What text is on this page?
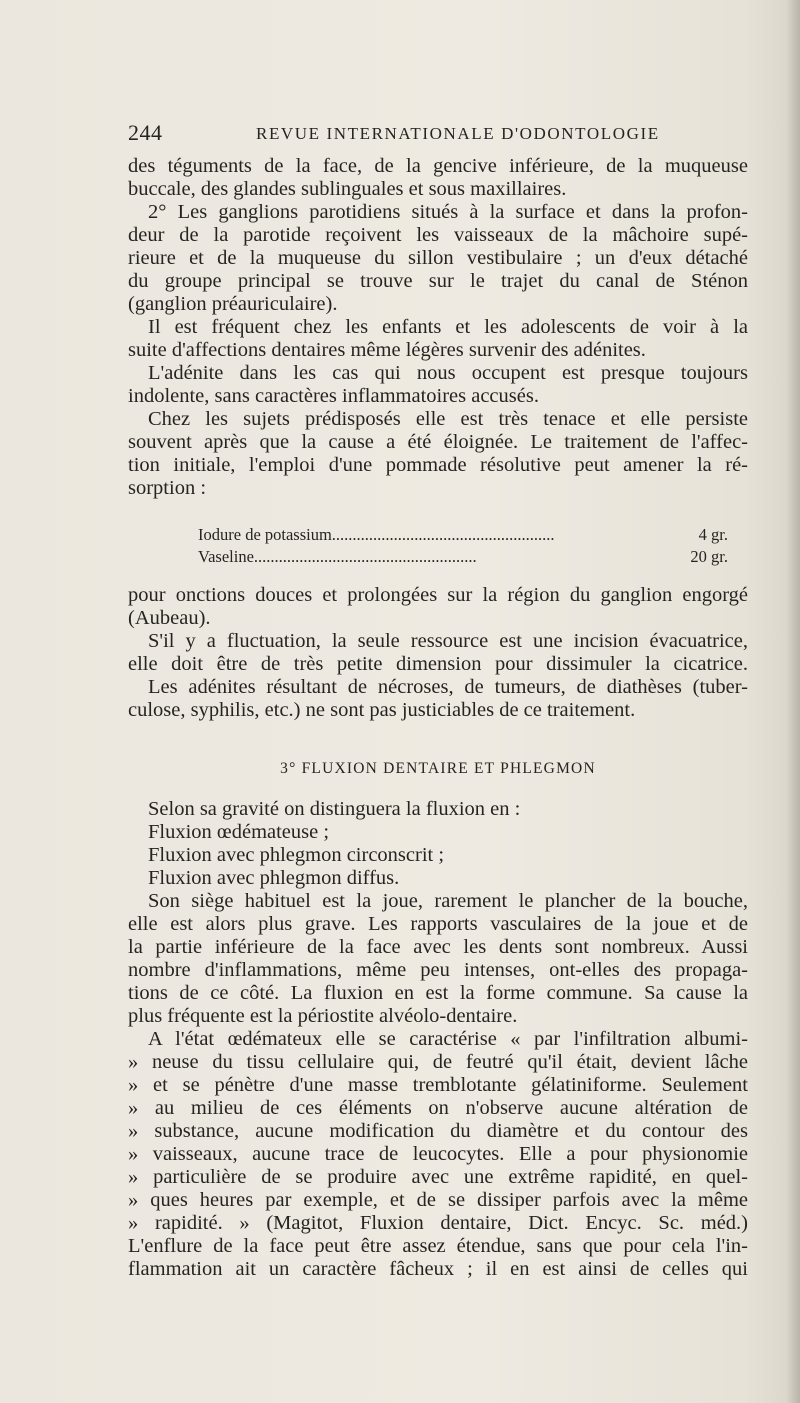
244	REVUE INTERNATIONALE D'ODONTOLOGIE
des téguments de la face, de la gencive inférieure, de la muqueuse
buccale, des glandes sublinguales et sous maxillaires.
2° Les ganglions parotidiens situés à la surface et dans la profon-
deur de la parotide reçoivent les vaisseaux de la mâchoire supé-
rieure et de la muqueuse du sillon vestibulaire ; un d'eux détaché
du groupe principal se trouve sur le trajet du canal de Sténon
(ganglion préauriculaire).
Il est fréquent chez les enfants et les adolescents de voir à la
suite d'affections dentaires même légères survenir des adénites.
L'adénite dans les cas qui nous occupent est presque toujours
indolente, sans caractères inflammatoires accusés.
Chez les sujets prédisposés elle est très tenace et elle persiste
souvent après que la cause a été éloignée. Le traitement de l'affec-
tion initiale, l'emploi d'une pommade résolutive peut amener la ré-
sorption :
Iodure de potassium......................................................	4 gr.
Vaseline......................................................	20 gr.
pour onctions douces et prolongées sur la région du ganglion engorgé
(Aubeau).
S'il y a fluctuation, la seule ressource est une incision évacuatrice,
elle doit être de très petite dimension pour dissimuler la cicatrice.
Les adénites résultant de nécroses, de tumeurs, de diathèses (tuber-
culose, syphilis, etc.) ne sont pas justiciables de ce traitement.
3° FLUXION DENTAIRE ET PHLEGMON
Selon sa gravité on distinguera la fluxion en :
Fluxion œdémateuse ;
Fluxion avec phlegmon circonscrit ;
Fluxion avec phlegmon diffus.
Son siège habituel est la joue, rarement le plancher de la bouche,
elle est alors plus grave. Les rapports vasculaires de la joue et de
la partie inférieure de la face avec les dents sont nombreux. Aussi
nombre d'inflammations, même peu intenses, ont-elles des propaga-
tions de ce côté. La fluxion en est la forme commune. Sa cause la
plus fréquente est la périostite alvéolo-dentaire.
A l'état œdémateux elle se caractérise « par l'infiltration albumi-
» neuse du tissu cellulaire qui, de feutré qu'il était, devient lâche
» et se pénètre d'une masse tremblotante gélatiniforme. Seulement
» au milieu de ces éléments on n'observe aucune altération de
» substance, aucune modification du diamètre et du contour des
» vaisseaux, aucune trace de leucocytes. Elle a pour physionomie
» particulière de se produire avec une extrême rapidité, en quel-
» ques heures par exemple, et de se dissiper parfois avec la même
» rapidité. » (Magitot, Fluxion dentaire, Dict. Encyc. Sc. méd.)
L'enflure de la face peut être assez étendue, sans que pour cela l'in-
flammation ait un caractère fâcheux ; il en est ainsi de celles qui
